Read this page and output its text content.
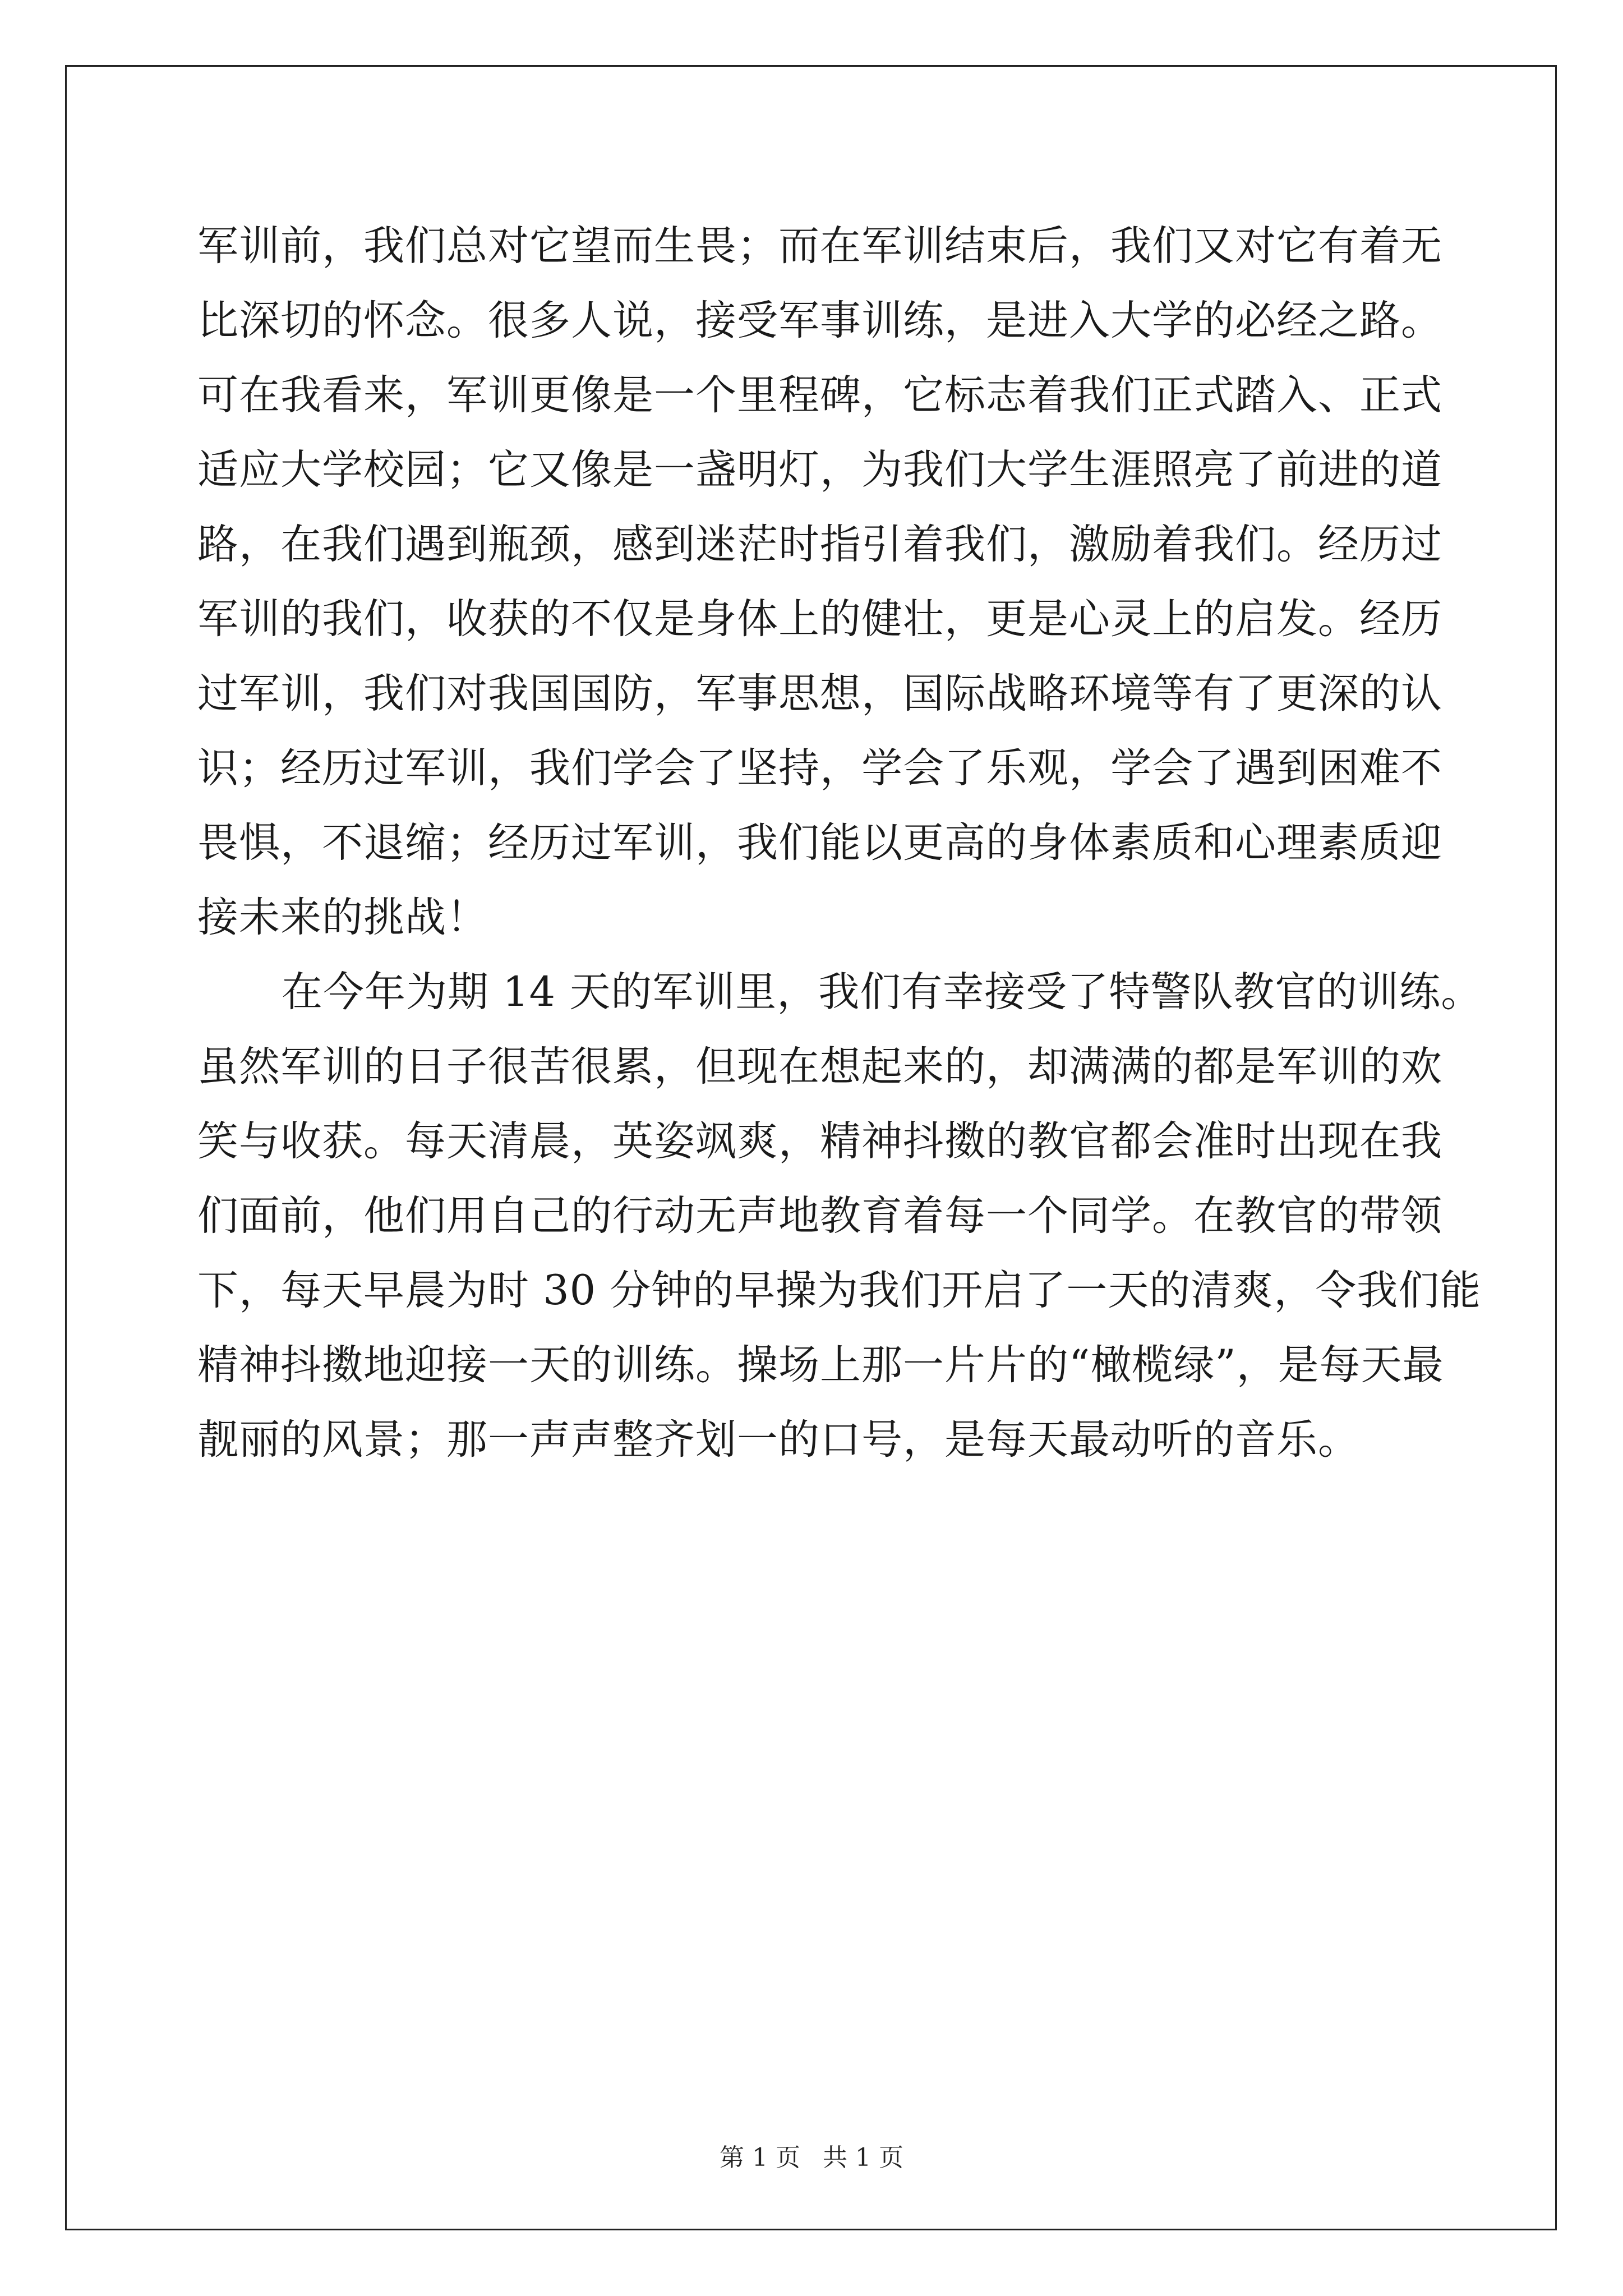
军训前，我们总对它望而生畏；而在军训结束后，我们又对它有着无
比深切的怀念。很多人说，接受军事训练，是进入大学的必经之路。
可在我看来，军训更像是一个里程碑，它标志着我们正式踏入、正式
适应大学校园；它又像是一盏明灯，为我们大学生涯照亮了前进的道
路，在我们遇到瓶颈，感到迷茫时指引着我们，激励着我们。经历过
军训的我们，收获的不仅是身体上的健壮，更是心灵上的启发。经历
过军训，我们对我国国防，军事思想，国际战略环境等有了更深的认
识；经历过军训，我们学会了坚持，学会了乐观，学会了遇到困难不
畏惧，不退缩；经历过军训，我们能以更高的身体素质和心理素质迎
接未来的挑战！
在今年为期 14 天的军训里，我们有幸接受了特警队教官的训练。
虽然军训的日子很苦很累，但现在想起来的，却满满的都是军训的欢
笑与收获。每天清晨，英姿飒爽，精神抖擞的教官都会准时出现在我
们面前，他们用自己的行动无声地教育着每一个同学。在教官的带领
下，每天早晨为时 30 分钟的早操为我们开启了一天的清爽，令我们能
精神抖擞地迎接一天的训练。操场上那一片片的“橄榄绿”，是每天最
靓丽的风景；那一声声整齐划一的口号，是每天最动听的音乐。
第 1 页 共 1 页
